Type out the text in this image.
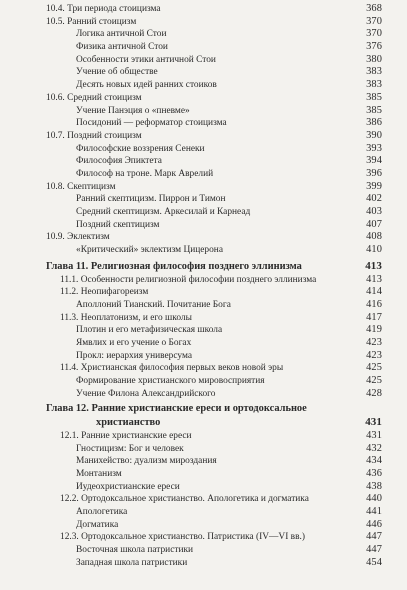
10.4. Три периода стоицизма	368
10.5. Ранний стоицизм	370
Логика античной Стои	370
Физика античной Стои	376
Особенности этики античной Стои	380
Учение об обществе	383
Десять новых идей ранних стоиков	383
10.6. Средний стоицизм	385
Учение Панэция о «пневме»	385
Посидоний — реформатор стоицизма	386
10.7. Поздний стоицизм	390
Философские воззрения Сенеки	393
Философия Эпиктета	394
Философ на троне. Марк Аврелий	396
10.8. Скептицизм	399
Ранний скептицизм. Пиррон и Тимон	402
Средний скептицизм. Аркесилай и Карнеад	403
Поздний скептицизм	407
10.9. Эклектизм	408
«Критический» эклектизм Цицерона	410
Глава 11. Религиозная философия позднего эллинизма	413
11.1. Особенности религиозной философии позднего эллинизма	413
11.2. Неопифагореизм	414
Аполлоний Тианский. Почитание Бога	416
11.3. Неоплатонизм, и его школы	417
Плотин и его метафизическая школа	419
Ямвлих и его учение о Богах	423
Прокл: иерархия универсума	423
11.4. Христианская философия первых веков новой эры	425
Формирование христианского мировосприятия	425
Учение Филона Александрийского	428
Глава 12. Ранние христианские ереси и ортодоксальное
христианство	431
12.1. Ранние христианские ереси	431
Гностицизм: Бог и человек	432
Манихейство: дуализм мироздания	434
Монтанизм	436
Иудеохристианские ереси	438
12.2. Ортодоксальное христианство. Апологетика и догматика	440
Апологетика	441
Догматика	446
12.3. Ортодоксальное христианство. Патристика (IV—VI вв.)	447
Восточная школа патристики	447
Западная школа патристики	454
